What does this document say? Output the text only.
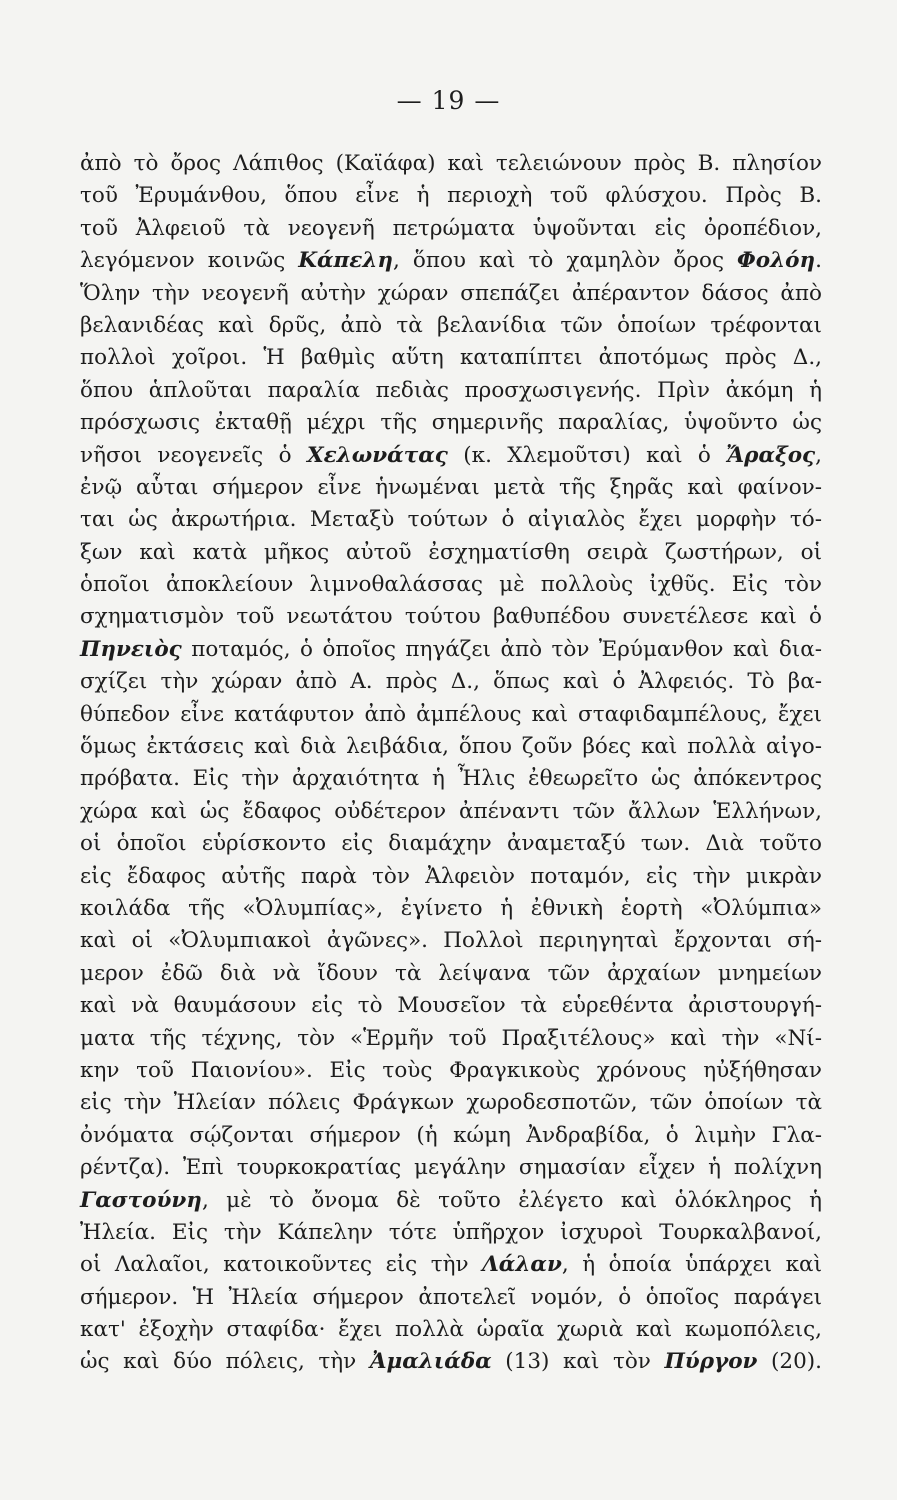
— 19 —
ἀπὸ τὸ ὄρος Λάπιθος (Καϊάφα) καὶ τελειώνουν πρὸς Β. πλησίον
τοῦ Ἐρυμάνθου, ὅπου εἶνε ἡ περιοχὴ τοῦ φλύσχου. Πρὸς Β.
τοῦ Ἀλφειοῦ τὰ νεογενῆ πετρώματα ὑψοῦνται εἰς ὀροπέδιον,
λεγόμενον κοινῶς Κάπελη, ὅπου καὶ τὸ χαμηλὸν ὄρος Φολόη.
Ὅλην τὴν νεογενῆ αὐτὴν χώραν σπεπάζει ἀπέραντον δάσος ἀπὸ
βελανιδέας καὶ δρῦς, ἀπὸ τὰ βελανίδια τῶν ὁποίων τρέφονται
πολλοὶ χοῖροι. Ἡ βαθμὶς αὕτη καταπίπτει ἀποτόμως πρὸς Δ.,
ὅπου ἁπλοῦται παραλία πεδιὰς προσχωσιγενής. Πρὶν ἀκόμη ἡ
πρόσχωσις ἐκταθῇ μέχρι τῆς σημερινῆς παραλίας, ὑψοῦντο ὡς
νῆσοι νεογενεῖς ὁ Χελωνάτας (κ. Χλεμοῦτσι) καὶ ὁ Ἄραξος,
ἐνῷ αὗται σήμερον εἶνε ἡνωμέναι μετὰ τῆς ξηρᾶς καὶ φαίνον-
ται ὡς ἀκρωτήρια. Μεταξὺ τούτων ὁ αἰγιαλὸς ἔχει μορφὴν τό-
ξων καὶ κατὰ μῆκος αὐτοῦ ἐσχηματίσθη σειρὰ ζωστήρων, οἱ
ὁποῖοι ἀποκλείουν λιμνοθαλάσσας μὲ πολλοὺς ἰχθῦς. Εἰς τὸν
σχηματισμὸν τοῦ νεωτάτου τούτου βαθυπέδου συνετέλεσε καὶ ὁ
Πηνειὸς ποταμός, ὁ ὁποῖος πηγάζει ἀπὸ τὸν Ἐρύμανθον καὶ δια-
σχίζει τὴν χώραν ἀπὸ Α. πρὸς Δ., ὅπως καὶ ὁ Ἀλφειός. Τὸ βα-
θύπεδον εἶνε κατάφυτον ἀπὸ ἀμπέλους καὶ σταφιδαμπέλους, ἔχει
ὅμως ἐκτάσεις καὶ διὰ λειβάδια, ὅπου ζοῦν βόες καὶ πολλὰ αἰγο-
πρόβατα. Εἰς τὴν ἀρχαιότητα ἡ Ἦλις ἐθεωρεῖτο ὡς ἀπόκεντρος
χώρα καὶ ὡς ἔδαφος οὐδέτερον ἀπέναντι τῶν ἄλλων Ἑλλήνων,
οἱ ὁποῖοι εὑρίσκοντο εἰς διαμάχην ἀναμεταξύ των. Διὰ τοῦτο
εἰς ἔδαφος αὐτῆς παρὰ τὸν Ἀλφειὸν ποταμόν, εἰς τὴν μικρὰν
κοιλάδα τῆς «Ὀλυμπίας», ἐγίνετο ἡ ἐθνικὴ ἑορτὴ «Ὀλύμπια»
καὶ οἱ «Ὀλυμπιακοὶ ἀγῶνες». Πολλοὶ περιηγηταὶ ἔρχονται σή-
μερον ἐδῶ διὰ νὰ ἴδουν τὰ λείψανα τῶν ἀρχαίων μνημείων
καὶ νὰ θαυμάσουν εἰς τὸ Μουσεῖον τὰ εὑρεθέντα ἀριστουργή-
ματα τῆς τέχνης, τὸν «Ἑρμῆν τοῦ Πραξιτέλους» καὶ τὴν «Νί-
κην τοῦ Παιονίου». Εἰς τοὺς Φραγκικοὺς χρόνους ηὐξήθησαν
εἰς τὴν Ἠλείαν πόλεις Φράγκων χωροδεσποτῶν, τῶν ὁποίων τὰ
ὀνόματα σῴζονται σήμερον (ἡ κώμη Ἀνδραβίδα, ὁ λιμὴν Γλα-
ρέντζα). Ἐπὶ τουρκοκρατίας μεγάλην σημασίαν εἶχεν ἡ πολίχνη
Γαστούνη, μὲ τὸ ὄνομα δὲ τοῦτο ἐλέγετο καὶ ὁλόκληρος ἡ
Ἠλεία. Εἰς τὴν Κάπελην τότε ὑπῆρχον ἰσχυροὶ Τουρκαλβανοί,
οἱ Λαλαῖοι, κατοικοῦντες εἰς τὴν Λάλαν, ἡ ὁποία ὑπάρχει καὶ
σήμερον. Ἡ Ἠλεία σήμερον ἀποτελεῖ νομόν, ὁ ὁποῖος παράγει
κατ' ἐξοχὴν σταφίδα· ἔχει πολλὰ ὡραῖα χωριὰ καὶ κωμοπόλεις,
ὡς καὶ δύο πόλεις, τὴν Ἀμαλιάδα (13) καὶ τὸν Πύργον (20).
